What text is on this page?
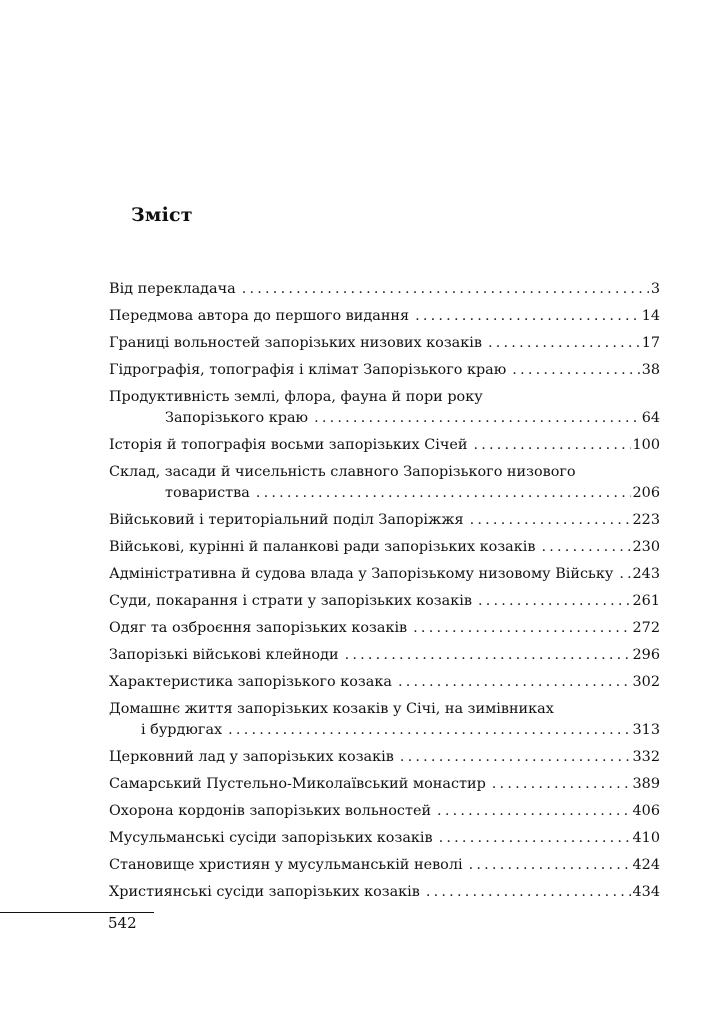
Зміст
Від перекладача .....	3
Передмова автора до першого видання .....	14
Границі вольностей запорізьких низових козаків .....	17
Гідрографія, топографія і клімат Запорізького краю .....	38
Продуктивність землі, флора, фауна й пори року
Запорізького краю .....	64
Історія й топографія восьми запорізьких Січей .....	100
Склад, засади й чисельність славного Запорізького низового
товариства .....	206
Військовий і територіальний поділ Запоріжжя .....	223
Військові, курінні й паланкові ради запорізьких козаків .....	230
Адміністративна й судова влада у Запорізькому низовому Війську ..... 243
Суди, покарання і страти у запорізьких козаків .....	261
Одяг та озброєння запорізьких козаків .....	272
Запорізькі військові клейноди .....	296
Характеристика запорізького козака .....	302
Домашнє життя запорізьких козаків у Січі, на зимівниках
і бурдюгах .....	313
Церковний лад у запорізьких козаків .....	332
Самарський Пустельно-Миколаївський монастир .....	389
Охорона кордонів запорізьких вольностей .....	406
Мусульманські сусіди запорізьких козаків .....	410
Становище християн у мусульманській неволі .....	424
Християнські сусіди запорізьких козаків .....	434
542
